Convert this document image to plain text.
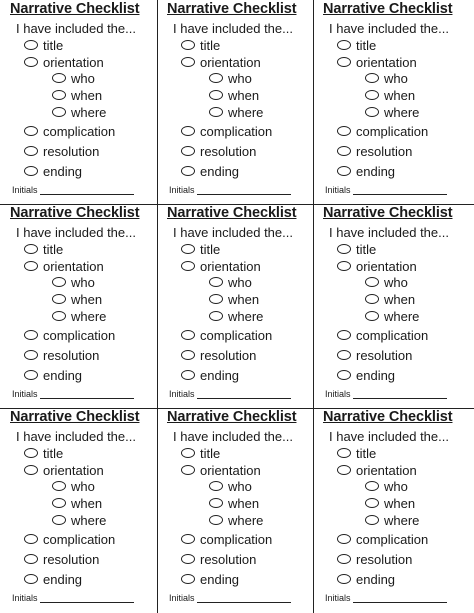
Narrative Checklist
I have included the...
title
orientation
who
when
where
complication
resolution
ending
Initials
Narrative Checklist
I have included the...
title
orientation
who
when
where
complication
resolution
ending
Initials
Narrative Checklist
I have included the...
title
orientation
who
when
where
complication
resolution
ending
Initials
Narrative Checklist
I have included the...
title
orientation
who
when
where
complication
resolution
ending
Initials
Narrative Checklist
I have included the...
title
orientation
who
when
where
complication
resolution
ending
Initials
Narrative Checklist
I have included the...
title
orientation
who
when
where
complication
resolution
ending
Initials
Narrative Checklist
I have included the...
title
orientation
who
when
where
complication
resolution
ending
Initials
Narrative Checklist
I have included the...
title
orientation
who
when
where
complication
resolution
ending
Initials
Narrative Checklist
I have included the...
title
orientation
who
when
where
complication
resolution
ending
Initials
